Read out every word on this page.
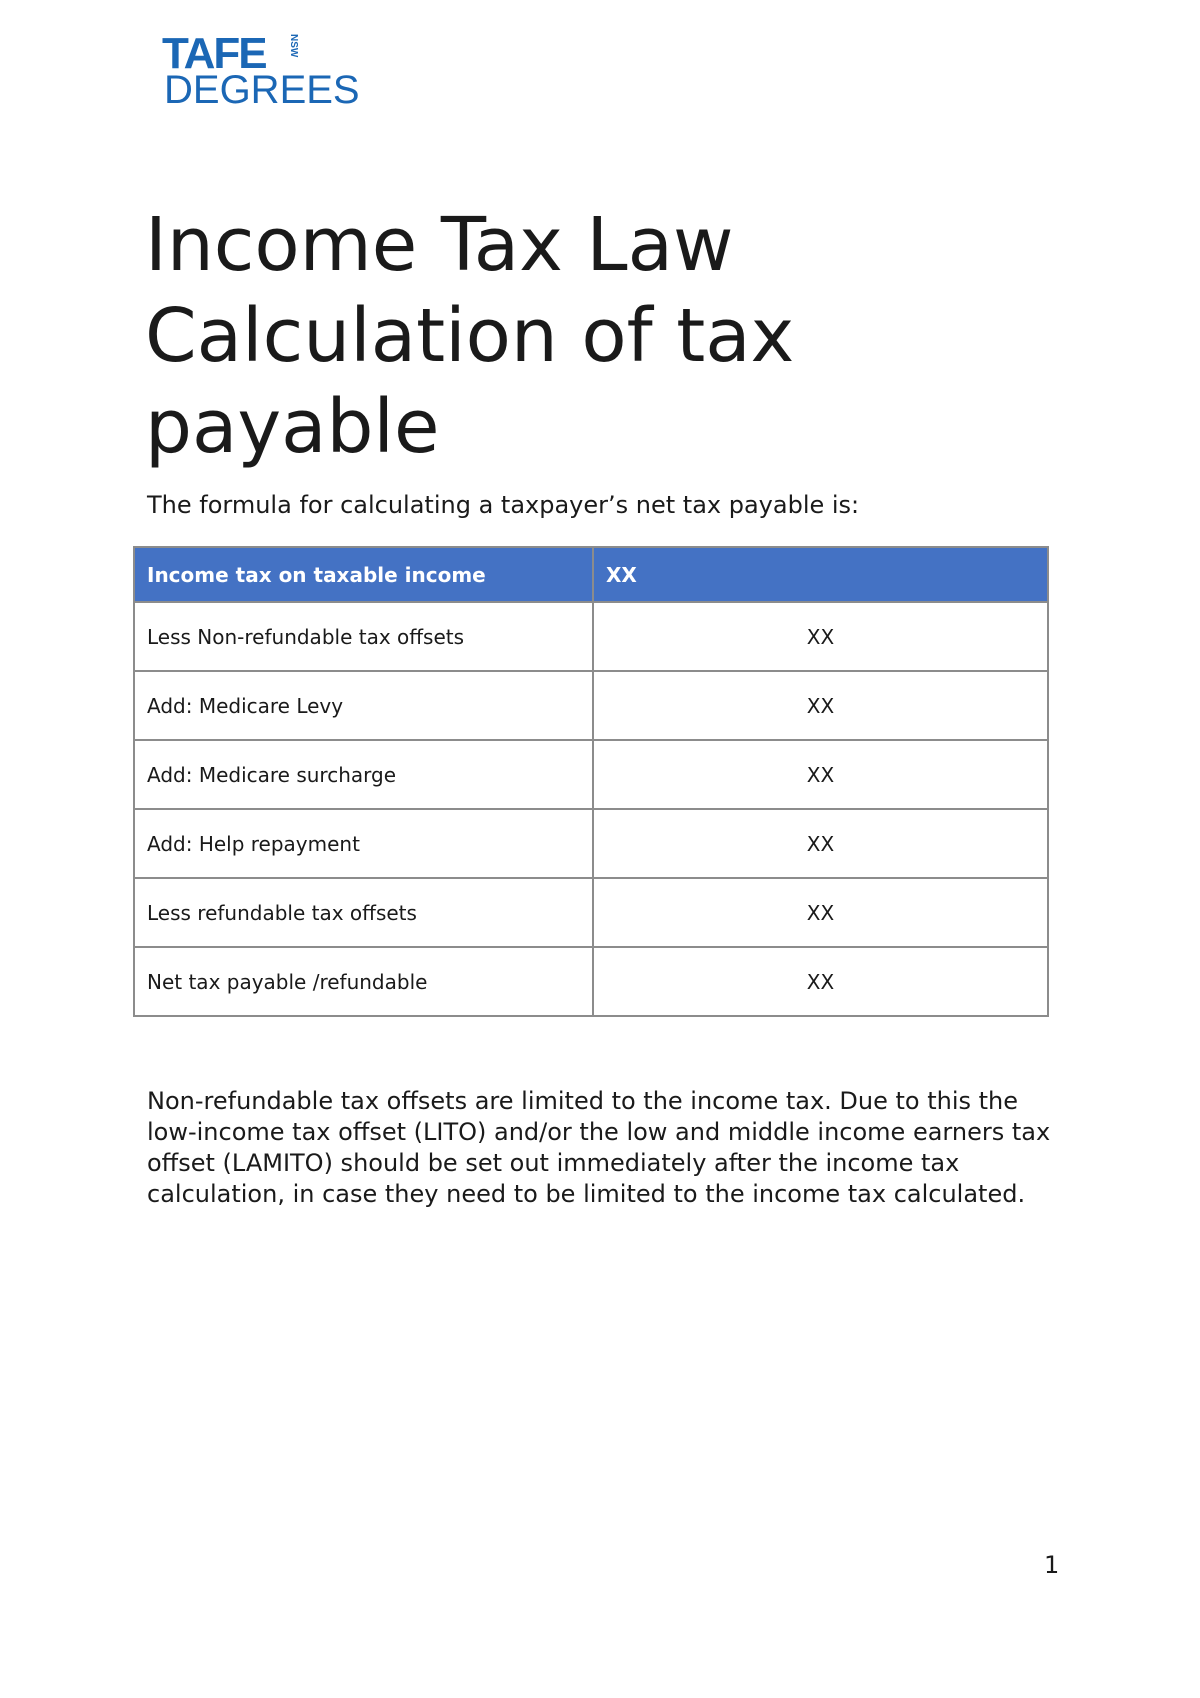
TAFE NSW
DEGREES
Income Tax Law
Calculation of tax
payable

The formula for calculating a taxpayer’s net tax payable is:

Income tax on taxable income	XX
Less Non-refundable tax offsets	XX
Add: Medicare Levy	XX
Add: Medicare surcharge	XX
Add: Help repayment	XX
Less refundable tax offsets	XX
Net tax payable /refundable	XX

Non-refundable tax offsets are limited to the income tax. Due to this the low-income tax offset (LITO) and/or the low and middle income earners tax offset (LAMITO) should be set out immediately after the income tax calculation, in case they need to be limited to the income tax calculated.

1
